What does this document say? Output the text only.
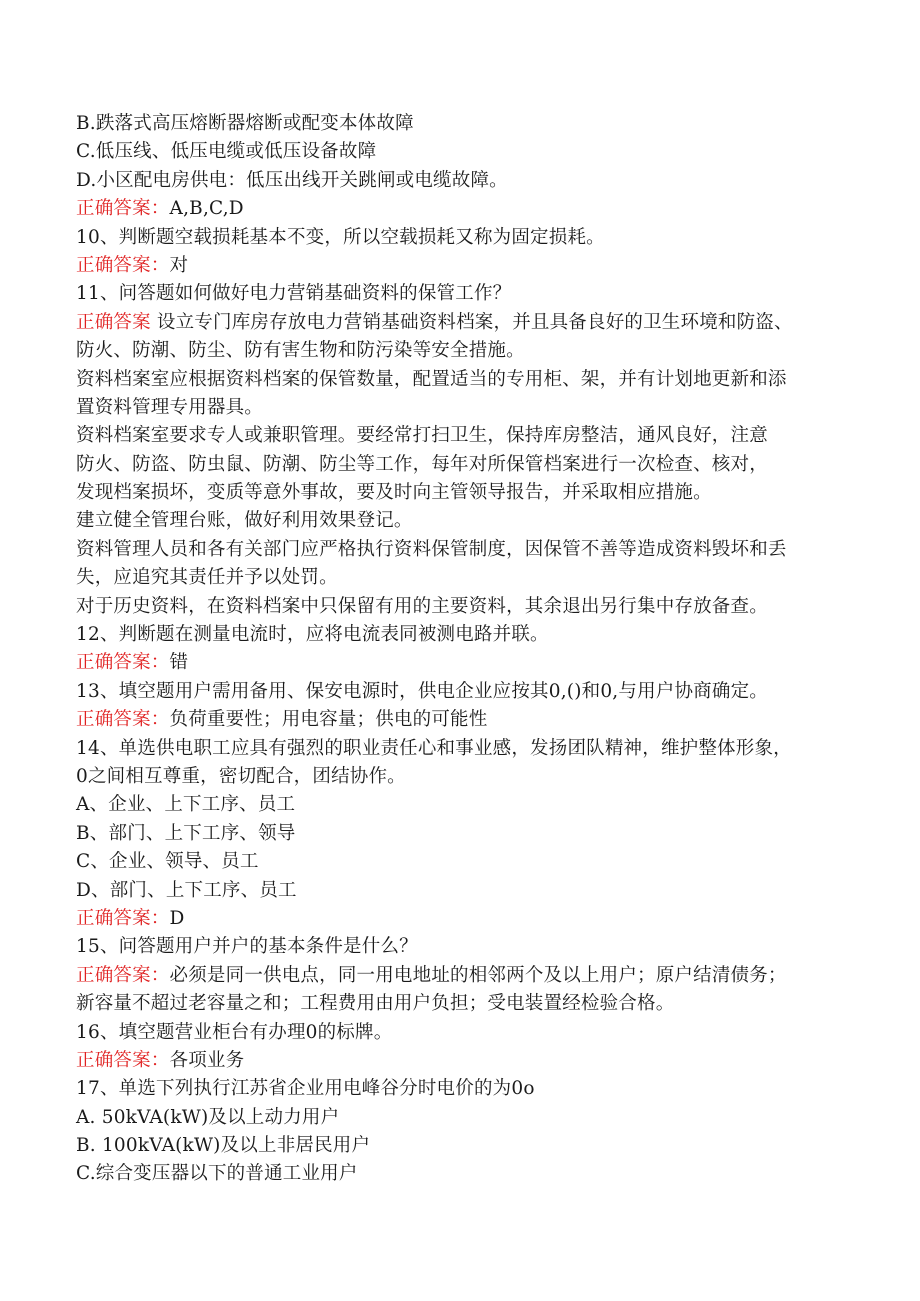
B.跌落式高压熔断器熔断或配变本体故障
C.低压线、低压电缆或低压设备故障
D.小区配电房供电：低压出线开关跳闸或电缆故障。
正确答案：A,B,C,D
10、判断题空载损耗基本不变，所以空载损耗又称为固定损耗。
正确答案：对
11、问答题如何做好电力营销基础资料的保管工作？
正确答案 设立专门库房存放电力营销基础资料档案，并且具备良好的卫生环境和防盗、
防火、防潮、防尘、防有害生物和防污染等安全措施。
资料档案室应根据资料档案的保管数量，配置适当的专用柜、架，并有计划地更新和添
置资料管理专用器具。
资料档案室要求专人或兼职管理。要经常打扫卫生，保持库房整洁，通风良好，注意
防火、防盗、防虫鼠、防潮、防尘等工作，每年对所保管档案进行一次检查、核对，
发现档案损坏，变质等意外事故，要及时向主管领导报告，并采取相应措施。
建立健全管理台账，做好利用效果登记。
资料管理人员和各有关部门应严格执行资料保管制度，因保管不善等造成资料毁坏和丢
失，应追究其责任并予以处罚。
对于历史资料，在资料档案中只保留有用的主要资料，其余退出另行集中存放备查。
12、判断题在测量电流时，应将电流表同被测电路并联。
正确答案：错
13、填空题用户需用备用、保安电源时，供电企业应按其0,()和0,与用户协商确定。
正确答案：负荷重要性；用电容量；供电的可能性
14、单选供电职工应具有强烈的职业责任心和事业感，发扬团队精神，维护整体形象，
0之间相互尊重，密切配合，团结协作。
A、企业、上下工序、员工
B、部门、上下工序、领导
C、企业、领导、员工
D、部门、上下工序、员工
正确答案：D
15、问答题用户并户的基本条件是什么？
正确答案：必须是同一供电点，同一用电地址的相邻两个及以上用户；原户结清债务；
新容量不超过老容量之和；工程费用由用户负担；受电装置经检验合格。
16、填空题营业柜台有办理0的标牌。
正确答案：各项业务
17、单选下列执行江苏省企业用电峰谷分时电价的为0o
A. 50kVA(kW)及以上动力用户
B. 100kVA(kW)及以上非居民用户
C.综合变压器以下的普通工业用户
